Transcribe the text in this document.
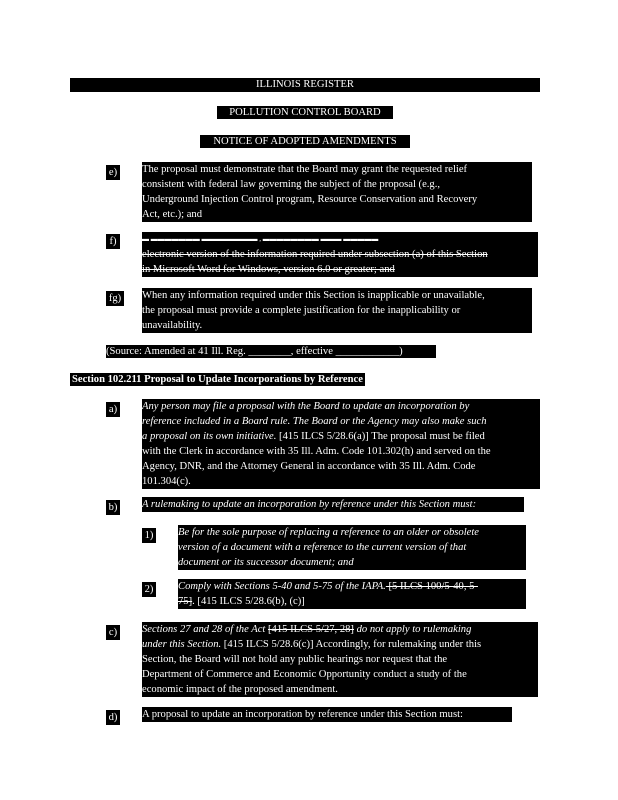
ILLINOIS REGISTER
POLLUTION CONTROL BOARD
NOTICE OF ADOPTED AMENDMENTS
e) The proposal must demonstrate that the Board may grant the requested relief
consistent with federal law governing the subject of the proposal (e.g.,
Underground Injection Control program, Resource Conservation and Recovery
Act, etc.); and
f)	▬ ▬▬▬▬▬▬▬ ▬▬▬▬▬▬▬▬ , ▬▬▬▬▬▬▬▬ ▬▬▬ ▬▬▬▬▬
electronic version of the information required under subsection (a) of this Section
in Microsoft Word for Windows, version 6.0 or greater; and
fg) When any information required under this Section is inapplicable or unavailable,
the proposal must provide a complete justification for the inapplicability or
unavailability.
(Source: Amended at 41 Ill. Reg. ________, effective ____________)
Section 102.211 Proposal to Update Incorporations by Reference
a) Any person may file a proposal with the Board to update an incorporation by
reference included in a Board rule. The Board or the Agency may also make such
a proposal on its own initiative. [415 ILCS 5/28.6(a)] The proposal must be filed
with the Clerk in accordance with 35 Ill. Adm. Code 101.302(h) and served on the
Agency, DNR, and the Attorney General in accordance with 35 Ill. Adm. Code
101.304(c).
b) A rulemaking to update an incorporation by reference under this Section must:
1) Be for the sole purpose of replacing a reference to an older or obsolete
version of a document with a reference to the current version of that
document or its successor document; and
2) Comply with Sections 5-40 and 5-75 of the IAPA. [5 ILCS 100/5-40, 5-
75]. [415 ILCS 5/28.6(b), (c)]
c) Sections 27 and 28 of the Act [415 ILCS 5/27, 28] do not apply to rulemaking
under this Section. [415 ILCS 5/28.6(c)] Accordingly, for rulemaking under this
Section, the Board will not hold any public hearings nor request that the
Department of Commerce and Economic Opportunity conduct a study of the
economic impact of the proposed amendment.
d) A proposal to update an incorporation by reference under this Section must:
